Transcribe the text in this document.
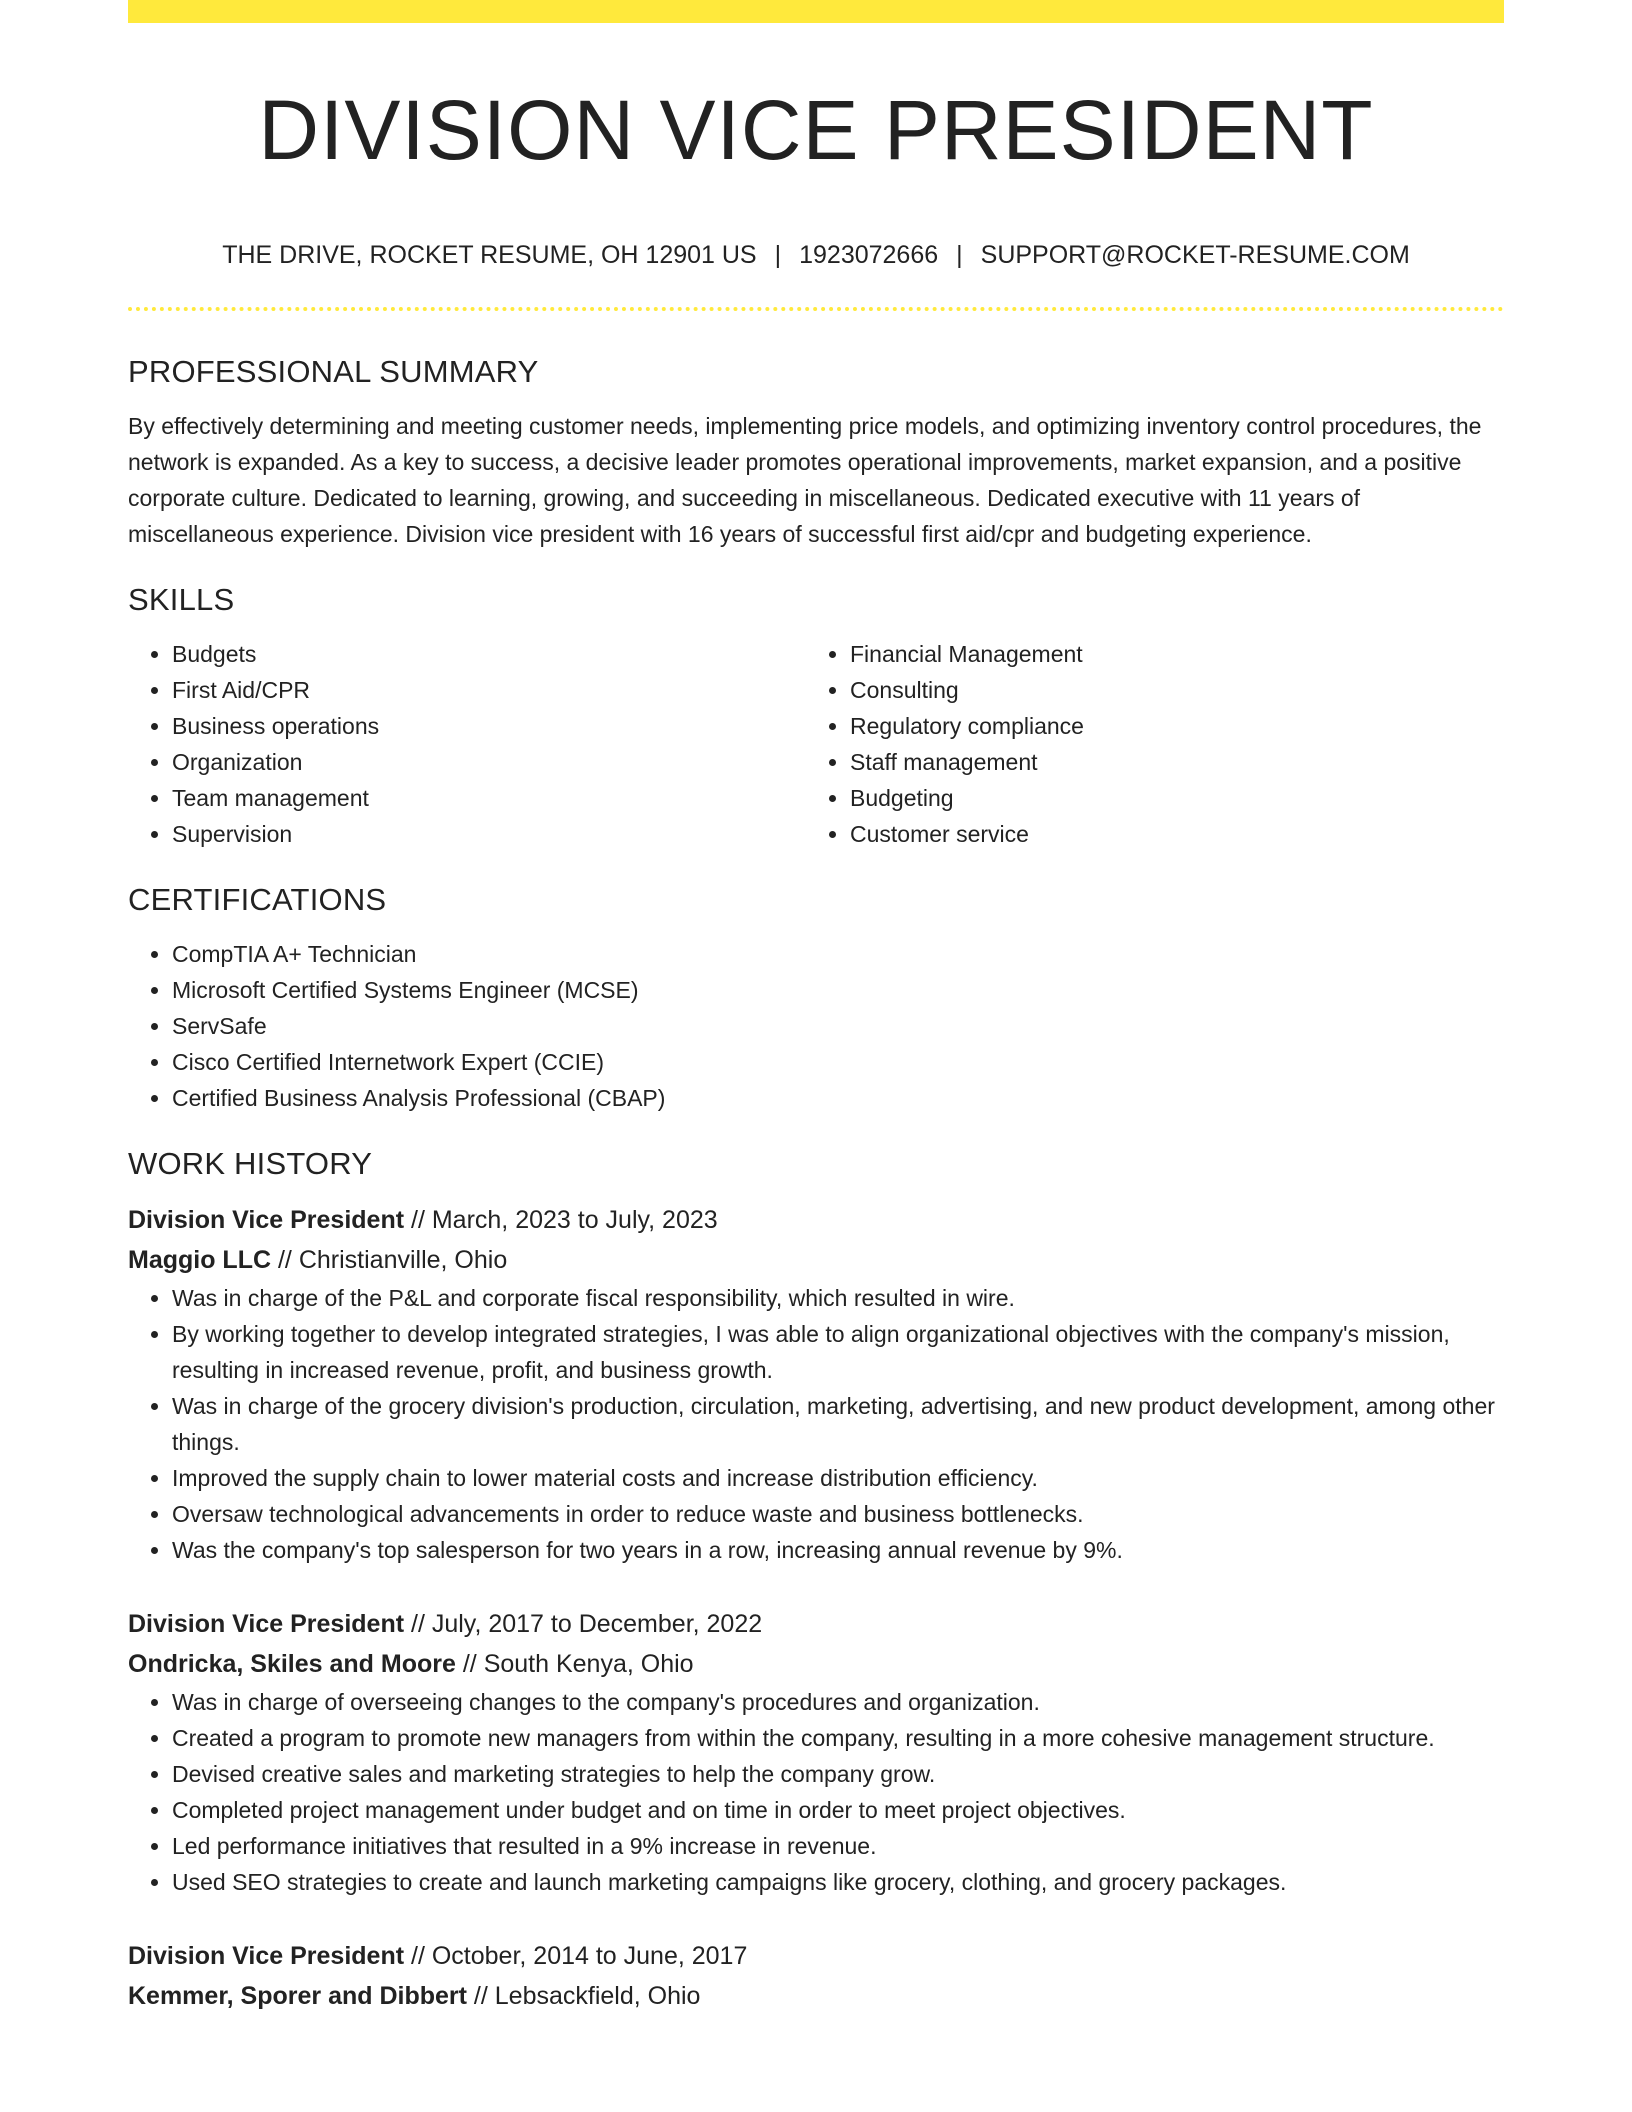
DIVISION VICE PRESIDENT
THE DRIVE, ROCKET RESUME, OH 12901 US | 1923072666 | SUPPORT@ROCKET-RESUME.COM
PROFESSIONAL SUMMARY

By effectively determining and meeting customer needs, implementing price models, and optimizing inventory control procedures, the network is expanded. As a key to success, a decisive leader promotes operational improvements, market expansion, and a positive corporate culture. Dedicated to learning, growing, and succeeding in miscellaneous. Dedicated executive with 11 years of miscellaneous experience. Division vice president with 16 years of successful first aid/cpr and budgeting experience.

SKILLS
• Budgets
• First Aid/CPR
• Business operations
• Organization
• Team management
• Supervision
• Financial Management
• Consulting
• Regulatory compliance
• Staff management
• Budgeting
• Customer service
CERTIFICATIONS
• CompTIA A+ Technician
• Microsoft Certified Systems Engineer (MCSE)
• ServSafe
• Cisco Certified Internetwork Expert (CCIE)
• Certified Business Analysis Professional (CBAP)
WORK HISTORY
Division Vice President // March, 2023 to July, 2023
Maggio LLC // Christianville, Ohio
• Was in charge of the P&L and corporate fiscal responsibility, which resulted in wire.
• By working together to develop integrated strategies, I was able to align organizational objectives with the company's mission, resulting in increased revenue, profit, and business growth.
• Was in charge of the grocery division's production, circulation, marketing, advertising, and new product development, among other things.
• Improved the supply chain to lower material costs and increase distribution efficiency.
• Oversaw technological advancements in order to reduce waste and business bottlenecks.
• Was the company's top salesperson for two years in a row, increasing annual revenue by 9%.
Division Vice President // July, 2017 to December, 2022
Ondricka, Skiles and Moore // South Kenya, Ohio
• Was in charge of overseeing changes to the company's procedures and organization.
• Created a program to promote new managers from within the company, resulting in a more cohesive management structure.
• Devised creative sales and marketing strategies to help the company grow.
• Completed project management under budget and on time in order to meet project objectives.
• Led performance initiatives that resulted in a 9% increase in revenue.
• Used SEO strategies to create and launch marketing campaigns like grocery, clothing, and grocery packages.
Division Vice President // October, 2014 to June, 2017
Kemmer, Sporer and Dibbert // Lebsackfield, Ohio
